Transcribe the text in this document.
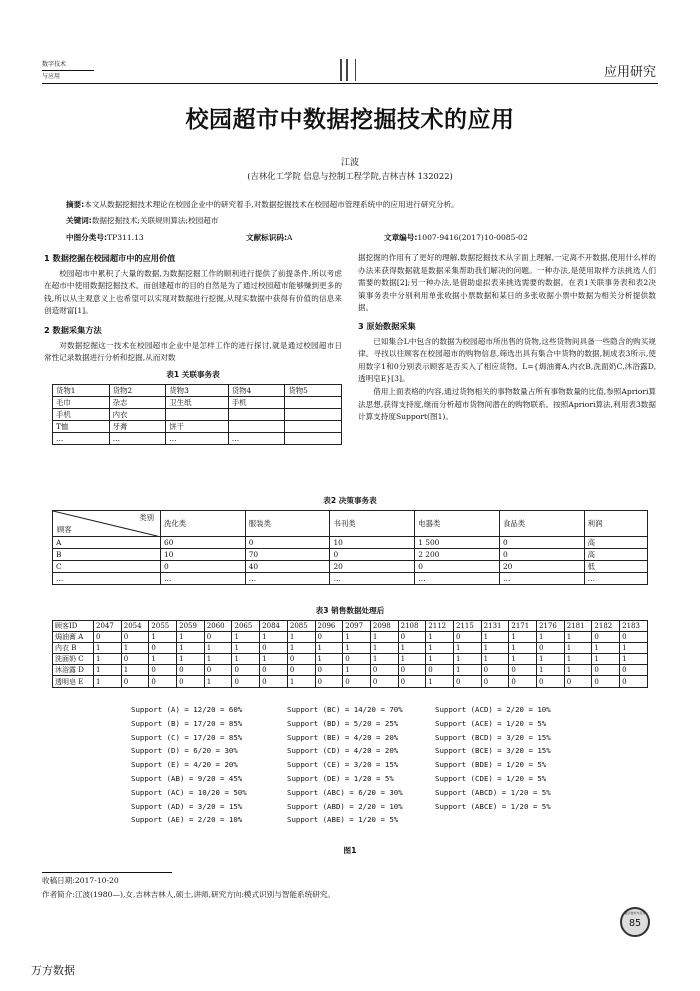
数字技术
与应用	应用研究
校园超市中数据挖掘技术的应用
江波
(吉林化工学院 信息与控制工程学院,吉林吉林 132022)
摘要:本文从数据挖掘技术理论在校园企业中的研究着手,对数据挖掘技术在校园超市管理系统中的应用进行研究分析。
关键词:数据挖掘技术;关联规则算法;校园超市
中图分类号:TP311.13	文献标识码:A	文章编号:1007-9416(2017)10-0085-02
1 数据挖掘在校园超市中的应用价值

校园超市中累积了大量的数据,为数据挖掘工作的顺利进行提供了前提条件,所以考虑在超市中使用数据挖掘技术。而创建超市的目的自然是为了通过校园超市能够赚到更多的钱,所以从主观意义上也希望可以实现对数据进行挖掘,从现实数据中获得有价值的信息来创造财富[1]。

2 数据采集方法

对数据挖掘这一技术在校园超市企业中是怎样工作的进行探讨,就是通过校园超市日常性记录数据进行分析和挖掘,从而对数

据挖掘的作用有了更好的理解,数据挖掘技术从字面上理解,一定离不开数据,使用什么样的办法来获得数据就是数据采集帮助我们解决的问题。一种办法,是使用取样方法挑选人们需要的数据[2];另一种办法,是借助虚拟表来挑选需要的数据。在表1关联事务表和表2决策事务表中分别利用单张收据小票数据和某日的多张收据小票中数据为相关分析提供数据。

3 原始数据采集

已知集合L中包含的数据为校园超市所出售的货物,这些货物间具备一些隐含的购买规律。寻找以往顾客在校园超市的购物信息,筛选出具有集合中货物的数据,制成表3所示,使用数字1和0分别表示顾客是否买入了相应货物。L={焗油膏A,内衣B,洗面奶C,沐浴露D,透明皂E}[3]。

借用上面表格的内容,通过货物相关的事物数量占所有事物数量的比值,参照Apriori算法思想,获得支持度,继而分析超市货物间潜在的购物联系。按照Apriori算法,利用表3数据计算支持度Support(图1)。

表1 关联事务表
货物1	货物2	货物3	货物4	货物5
毛巾	杂志	卫生纸	手机	
手机	内衣			
T恤	牙膏	饼干		
…	…	…	…	
表2 决策事务表
类别
顾客	洗化类	服装类	书刊类	电器类	食品类	利润
A	60	0	10	1 500	0	高
B	10	70	0	2 200	0	高
C	0	40	20	0	20	低
…	…	…	…	…	…	…
表3 销售数据处理后
顾客ID	2047	2054	2055	2059	2060	2065	2084	2085	2096	2097	2098	2108	2112	2115	2131	2171	2176	2181	2182	2183
焗油膏 A	0	0	1	1	0	1	1	1	0	1	1	0	1	0	1	1	1	1	0	0
内衣 B	1	1	0	1	1	1	0	1	1	1	1	1	1	1	1	1	0	1	1	1
洗面奶 C	1	0	1	1	1	1	1	0	1	0	1	1	1	1	1	1	1	1	1	1
沐浴露 D	1	1	0	0	0	0	0	0	0	1	0	0	0	1	0	0	1	1	0	0
透明皂 E	1	0	0	0	1	0	0	1	0	0	0	0	1	0	0	0	0	0	0	0
Support (A) = 12/20 = 60%
Support (B) = 17/20 = 85%
Support (C) = 17/20 = 85%
Support (D) = 6/20 = 30%
Support (E) = 4/20 = 20%
Support (AB) = 9/20 = 45%
Support (AC) = 10/20 = 50%
Support (AD) = 3/20 = 15%
Support (AE) = 2/20 = 10%
Support (BC) = 14/20 = 70%
Support (BD) = 5/20 = 25%
Support (BE) = 4/20 = 20%
Support (CD) = 4/20 = 20%
Support (CE) = 3/20 = 15%
Support (DE) = 1/20 = 5%
Support (ABC) = 6/20 = 30%
Support (ABD) = 2/20 = 10%
Support (ABE) = 1/20 = 5%
Support (ACD) = 2/20 = 10%
Support (ACE) = 1/20 = 5%
Support (BCD) = 3/20 = 15%
Support (BCE) = 3/20 = 15%
Support (BDE) = 1/20 = 5%
Support (CDE) = 1/20 = 5%
Support (ABCD) = 1/20 = 5%
Support (ABCE) = 1/20 = 5%
图1
收稿日期:2017-10-20
作者简介:江波(1980—),女,吉林吉林人,硕士,讲师,研究方向:模式识别与智能系统研究。
数字技术与应用
85
万方数据
